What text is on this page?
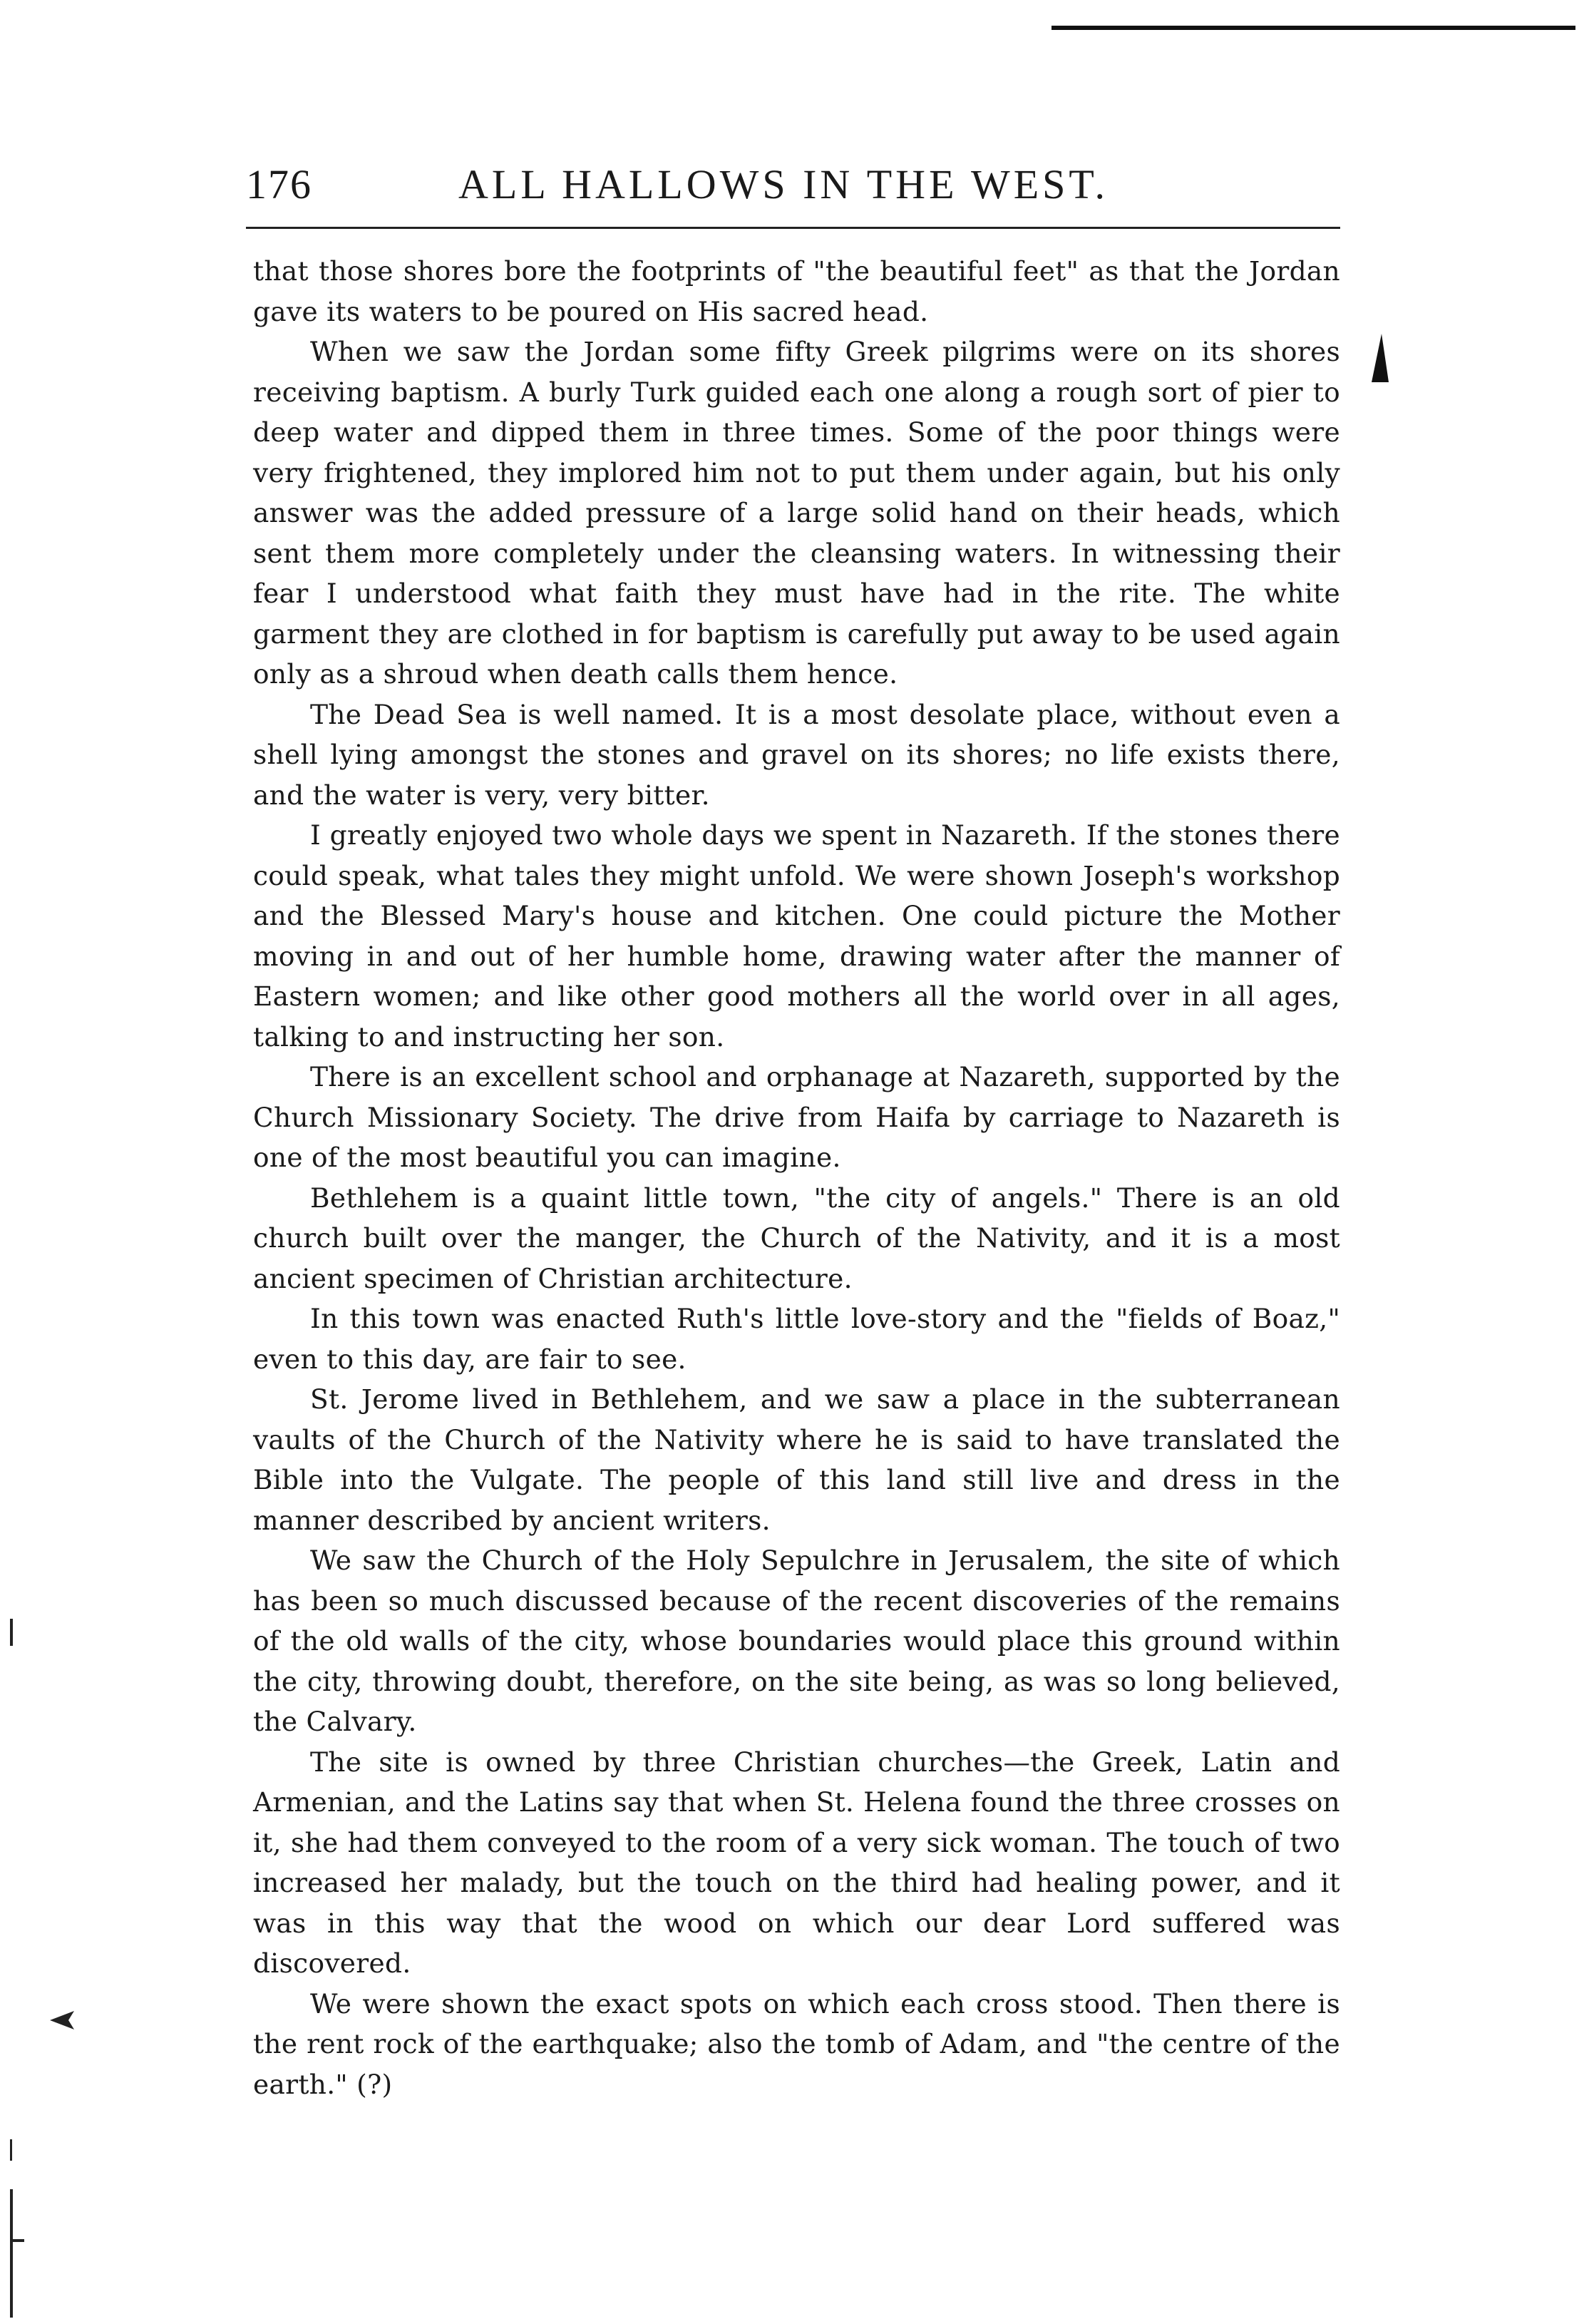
176	ALL HALLOWS IN THE WEST.

that those shores bore the footprints of "the beautiful feet" as that the Jordan gave its waters to be poured on His sacred head.

When we saw the Jordan some fifty Greek pilgrims were on its shores receiving baptism. A burly Turk guided each one along a rough sort of pier to deep water and dipped them in three times. Some of the poor things were very frightened, they implored him not to put them under again, but his only answer was the added pressure of a large solid hand on their heads, which sent them more completely under the cleansing waters. In witnessing their fear I understood what faith they must have had in the rite. The white garment they are clothed in for baptism is carefully put away to be used again only as a shroud when death calls them hence.

The Dead Sea is well named. It is a most desolate place, without even a shell lying amongst the stones and gravel on its shores; no life exists there, and the water is very, very bitter.

I greatly enjoyed two whole days we spent in Nazareth. If the stones there could speak, what tales they might unfold. We were shown Joseph's workshop and the Blessed Mary's house and kitchen. One could picture the Mother moving in and out of her humble home, drawing water after the manner of Eastern women; and like other good mothers all the world over in all ages, talking to and instructing her son.

There is an excellent school and orphanage at Nazareth, supported by the Church Missionary Society. The drive from Haifa by carriage to Nazareth is one of the most beautiful you can imagine.

Bethlehem is a quaint little town, "the city of angels." There is an old church built over the manger, the Church of the Nativity, and it is a most ancient specimen of Christian architecture.

In this town was enacted Ruth's little love-story and the "fields of Boaz," even to this day, are fair to see.

St. Jerome lived in Bethlehem, and we saw a place in the subterranean vaults of the Church of the Nativity where he is said to have translated the Bible into the Vulgate. The people of this land still live and dress in the manner described by ancient writers.

We saw the Church of the Holy Sepulchre in Jerusalem, the site of which has been so much discussed because of the recent discoveries of the remains of the old walls of the city, whose boundaries would place this ground within the city, throwing doubt, therefore, on the site being, as was so long believed, the Calvary.

The site is owned by three Christian churches—the Greek, Latin and Armenian, and the Latins say that when St. Helena found the three crosses on it, she had them conveyed to the room of a very sick woman. The touch of two increased her malady, but the touch on the third had healing power, and it was in this way that the wood on which our dear Lord suffered was discovered.

We were shown the exact spots on which each cross stood. Then there is the rent rock of the earthquake; also the tomb of Adam, and "the centre of the earth." (?)
